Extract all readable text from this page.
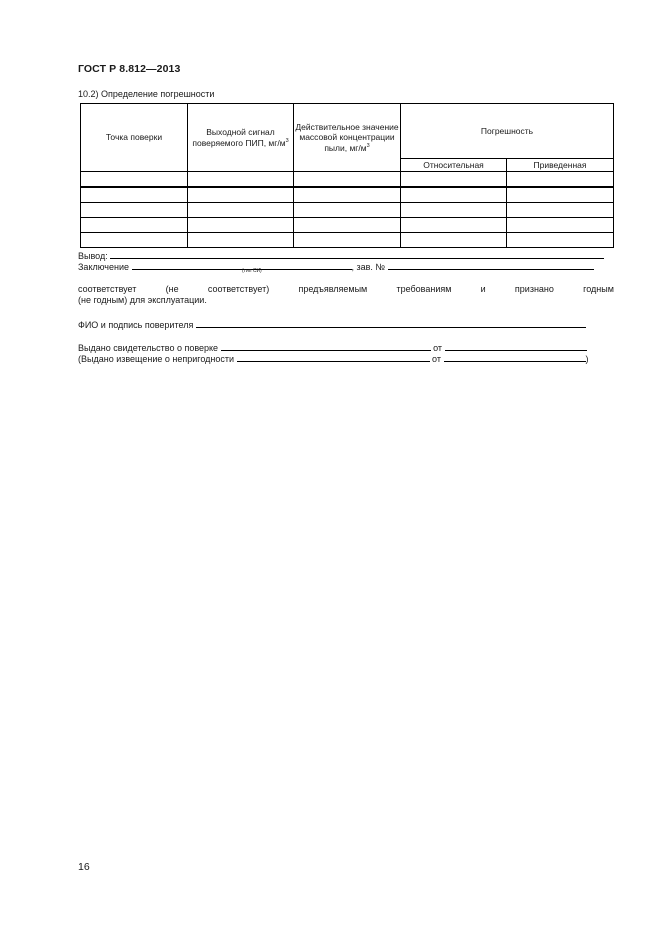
ГОСТ Р 8.812—2013
10.2) Определение погрешности
Точка поверки	Выходной сигнал поверяемого ПИП, $мг/м^3$	Действительное значение массовой концентрации пыли, $мг/м^3$	Погрешность	
			Относительная	Приведенная

Вывод:
Заключение	, зав. №
(тип СИ)
соответствует	(не	соответствует)	предъявляемым	требованиям	и	признано	годным
(не годным) для эксплуатации.
ФИО и подпись поверителя
Выдано свидетельство о поверке	от
(Выдано извещение о непригодности	от	)
16
